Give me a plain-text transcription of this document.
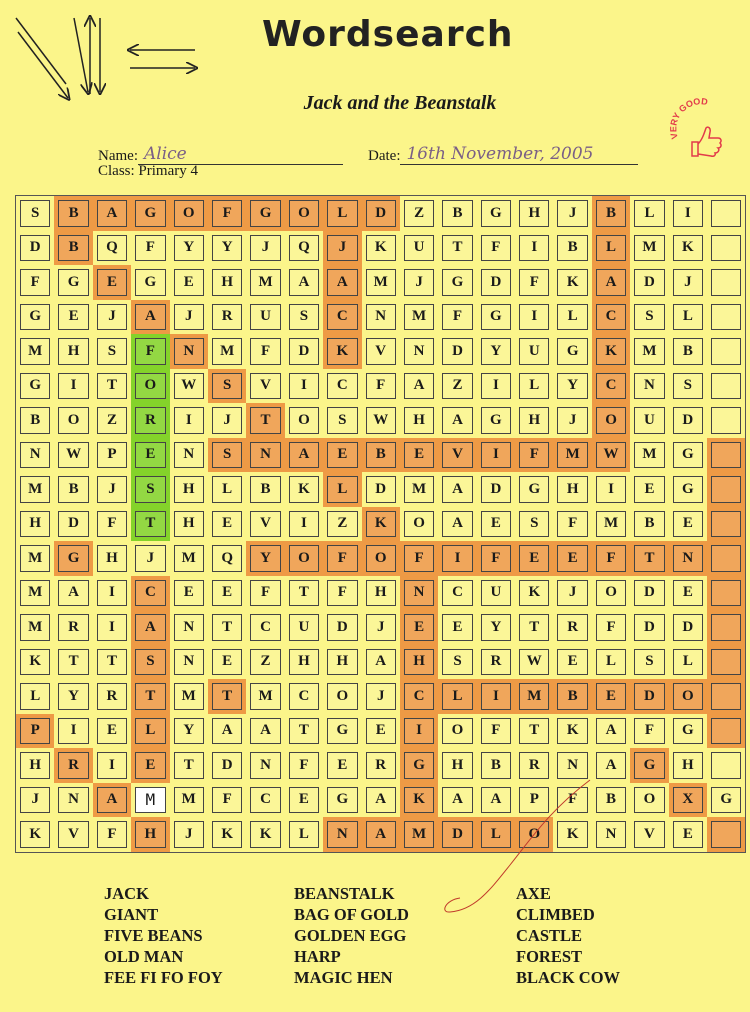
Wordsearch
Jack and the Beanstalk
VERY GOOD
Name: Alice	Date: 16th November, 2005
Class: Primary 4
S	B	A	G	O	F	G	O	L	D	Z	B	G	H	J	B	L	I
D	B	Q	F	Y	Y	J	Q	J	K	U	T	F	I	B	L	M	K
F	G	E	G	E	H	M	A	A	M	J	G	D	F	K	A	D	J
G	E	J	A	J	R	U	S	C	N	M	F	G	I	L	C	S	L
M	H	S	F	N	M	F	D	K	V	N	D	Y	U	G	K	M	B
G	I	T	O	W	S	V	I	C	F	A	Z	I	L	Y	C	N	S
B	O	Z	R	I	J	T	O	S	W	H	A	G	H	J	O	U	D
N	W	P	E	N	S	N	A	E	B	E	V	I	F	M	W	M	G
M	B	J	S	H	L	B	K	L	D	M	A	D	G	H	I	E	G
H	D	F	T	H	E	V	I	Z	K	O	A	E	S	F	M	B	E
M	G	H	J	M	Q	Y	O	F	O	F	I	F	E	E	F	T	N
M	A	I	C	E	E	F	T	F	H	N	C	U	K	J	O	D	E
M	R	I	A	N	T	C	U	D	J	E	E	Y	T	R	F	D	D
K	T	T	S	N	E	Z	H	H	A	H	S	R	W	E	L	S	L
L	Y	R	T	M	T	M	C	O	J	C	L	I	M	B	E	D	O
P	I	E	L	Y	A	A	T	G	E	I	O	F	T	K	A	F	G
H	R	I	E	T	D	N	F	E	R	G	H	B	R	N	A	G	H
J	N	A	M	M	F	C	E	G	A	K	A	A	P	F	B	O	X	G
K	V	F	H	J	K	K	L	N	A	M	D	L	O	K	N	V	E
JACK	BEANSTALK	AXE
GIANT	BAG OF GOLD	CLIMBED
FIVE BEANS	GOLDEN EGG	CASTLE
OLD MAN	HARP	FOREST
FEE FI FO FOY	MAGIC HEN	BLACK COW
